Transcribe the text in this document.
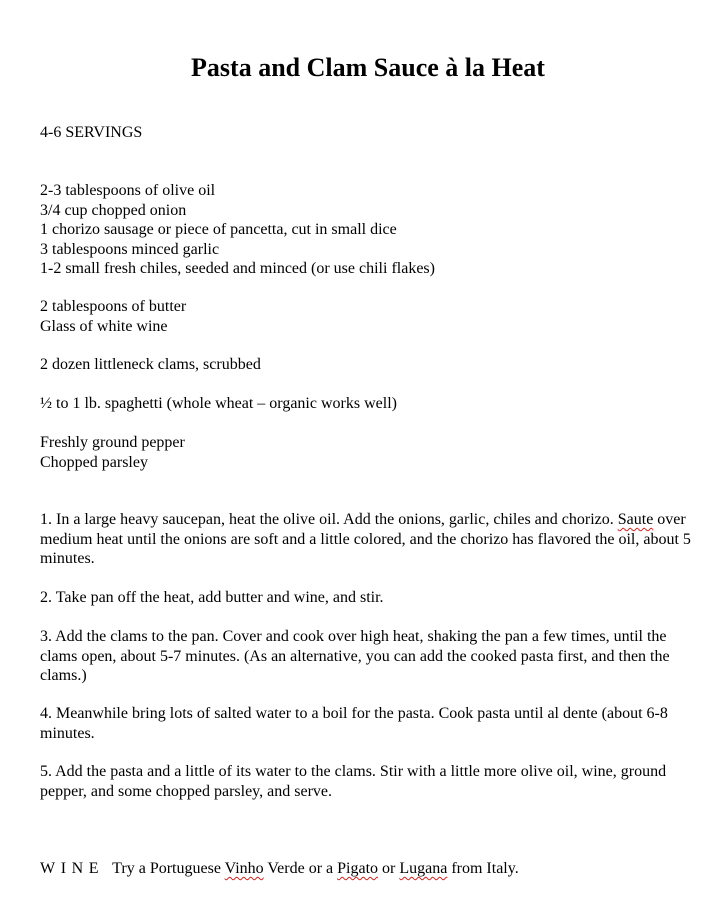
Pasta and Clam Sauce à la Heat
4-6 SERVINGS
2-3 tablespoons of olive oil
3/4 cup chopped onion
1 chorizo sausage or piece of pancetta, cut in small dice
3 tablespoons minced garlic
1-2 small fresh chiles, seeded and minced (or use chili flakes)
2 tablespoons of butter
Glass of white wine
2 dozen littleneck clams, scrubbed
½ to 1 lb. spaghetti (whole wheat – organic works well)
Freshly ground pepper
Chopped parsley
1. In a large heavy saucepan, heat the olive oil. Add the onions, garlic, chiles and chorizo. Saute over medium heat until the onions are soft and a little colored, and the chorizo has flavored the oil, about 5 minutes.
2. Take pan off the heat, add butter and wine, and stir.
3. Add the clams to the pan. Cover and cook over high heat, shaking the pan a few times, until the clams open, about 5-7 minutes. (As an alternative, you can add the cooked pasta first, and then the clams.)
4. Meanwhile bring lots of salted water to a boil for the pasta. Cook pasta until al dente (about 6-8 minutes.
5. Add the pasta and a little of its water to the clams. Stir with a little more olive oil, wine, ground pepper, and some chopped parsley, and serve.
WINE Try a Portuguese Vinho Verde or a Pigato or Lugana from Italy.
